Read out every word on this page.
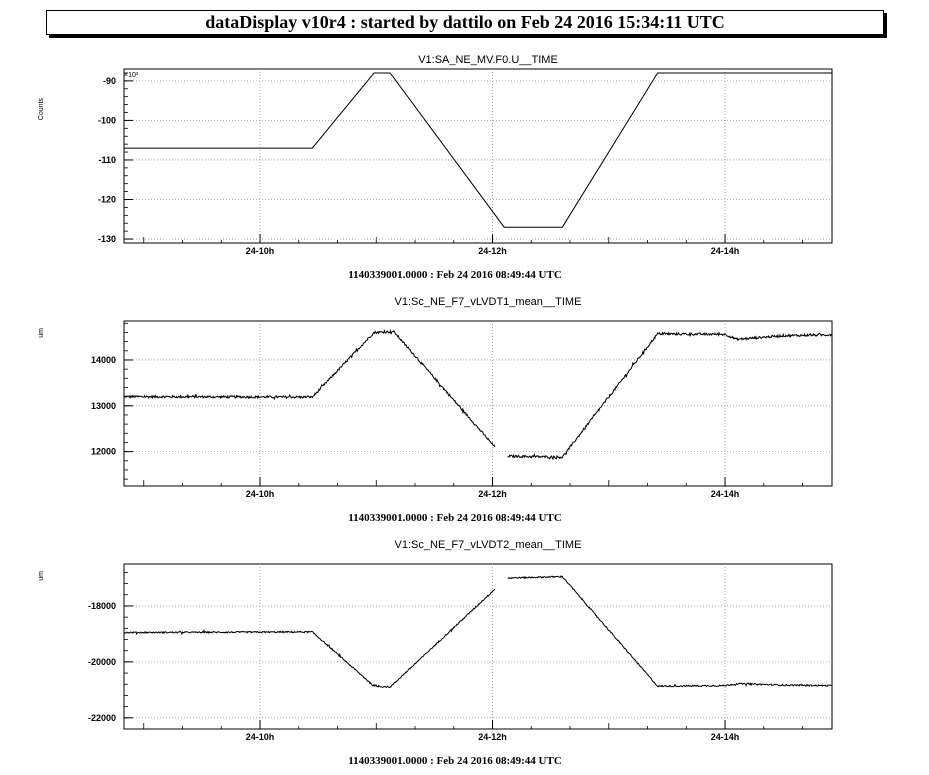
dataDisplay v10r4 : started by dattilo on Feb 24 2016 15:34:11 UTC
V1:SA_NE_MV.F0.U__TIME
Counts
×10³
24-10h	24-12h	24-14h
-90
-100
-110
-120
-130
1140339001.0000 : Feb 24 2016 08:49:44 UTC
V1:Sc_NE_F7_vLVDT1_mean__TIME
um
24-10h	24-12h	24-14h
12000
13000
14000
1140339001.0000 : Feb 24 2016 08:49:44 UTC
V1:Sc_NE_F7_vLVDT2_mean__TIME
um
24-10h	24-12h	24-14h
-18000
-20000
-22000
1140339001.0000 : Feb 24 2016 08:49:44 UTC
